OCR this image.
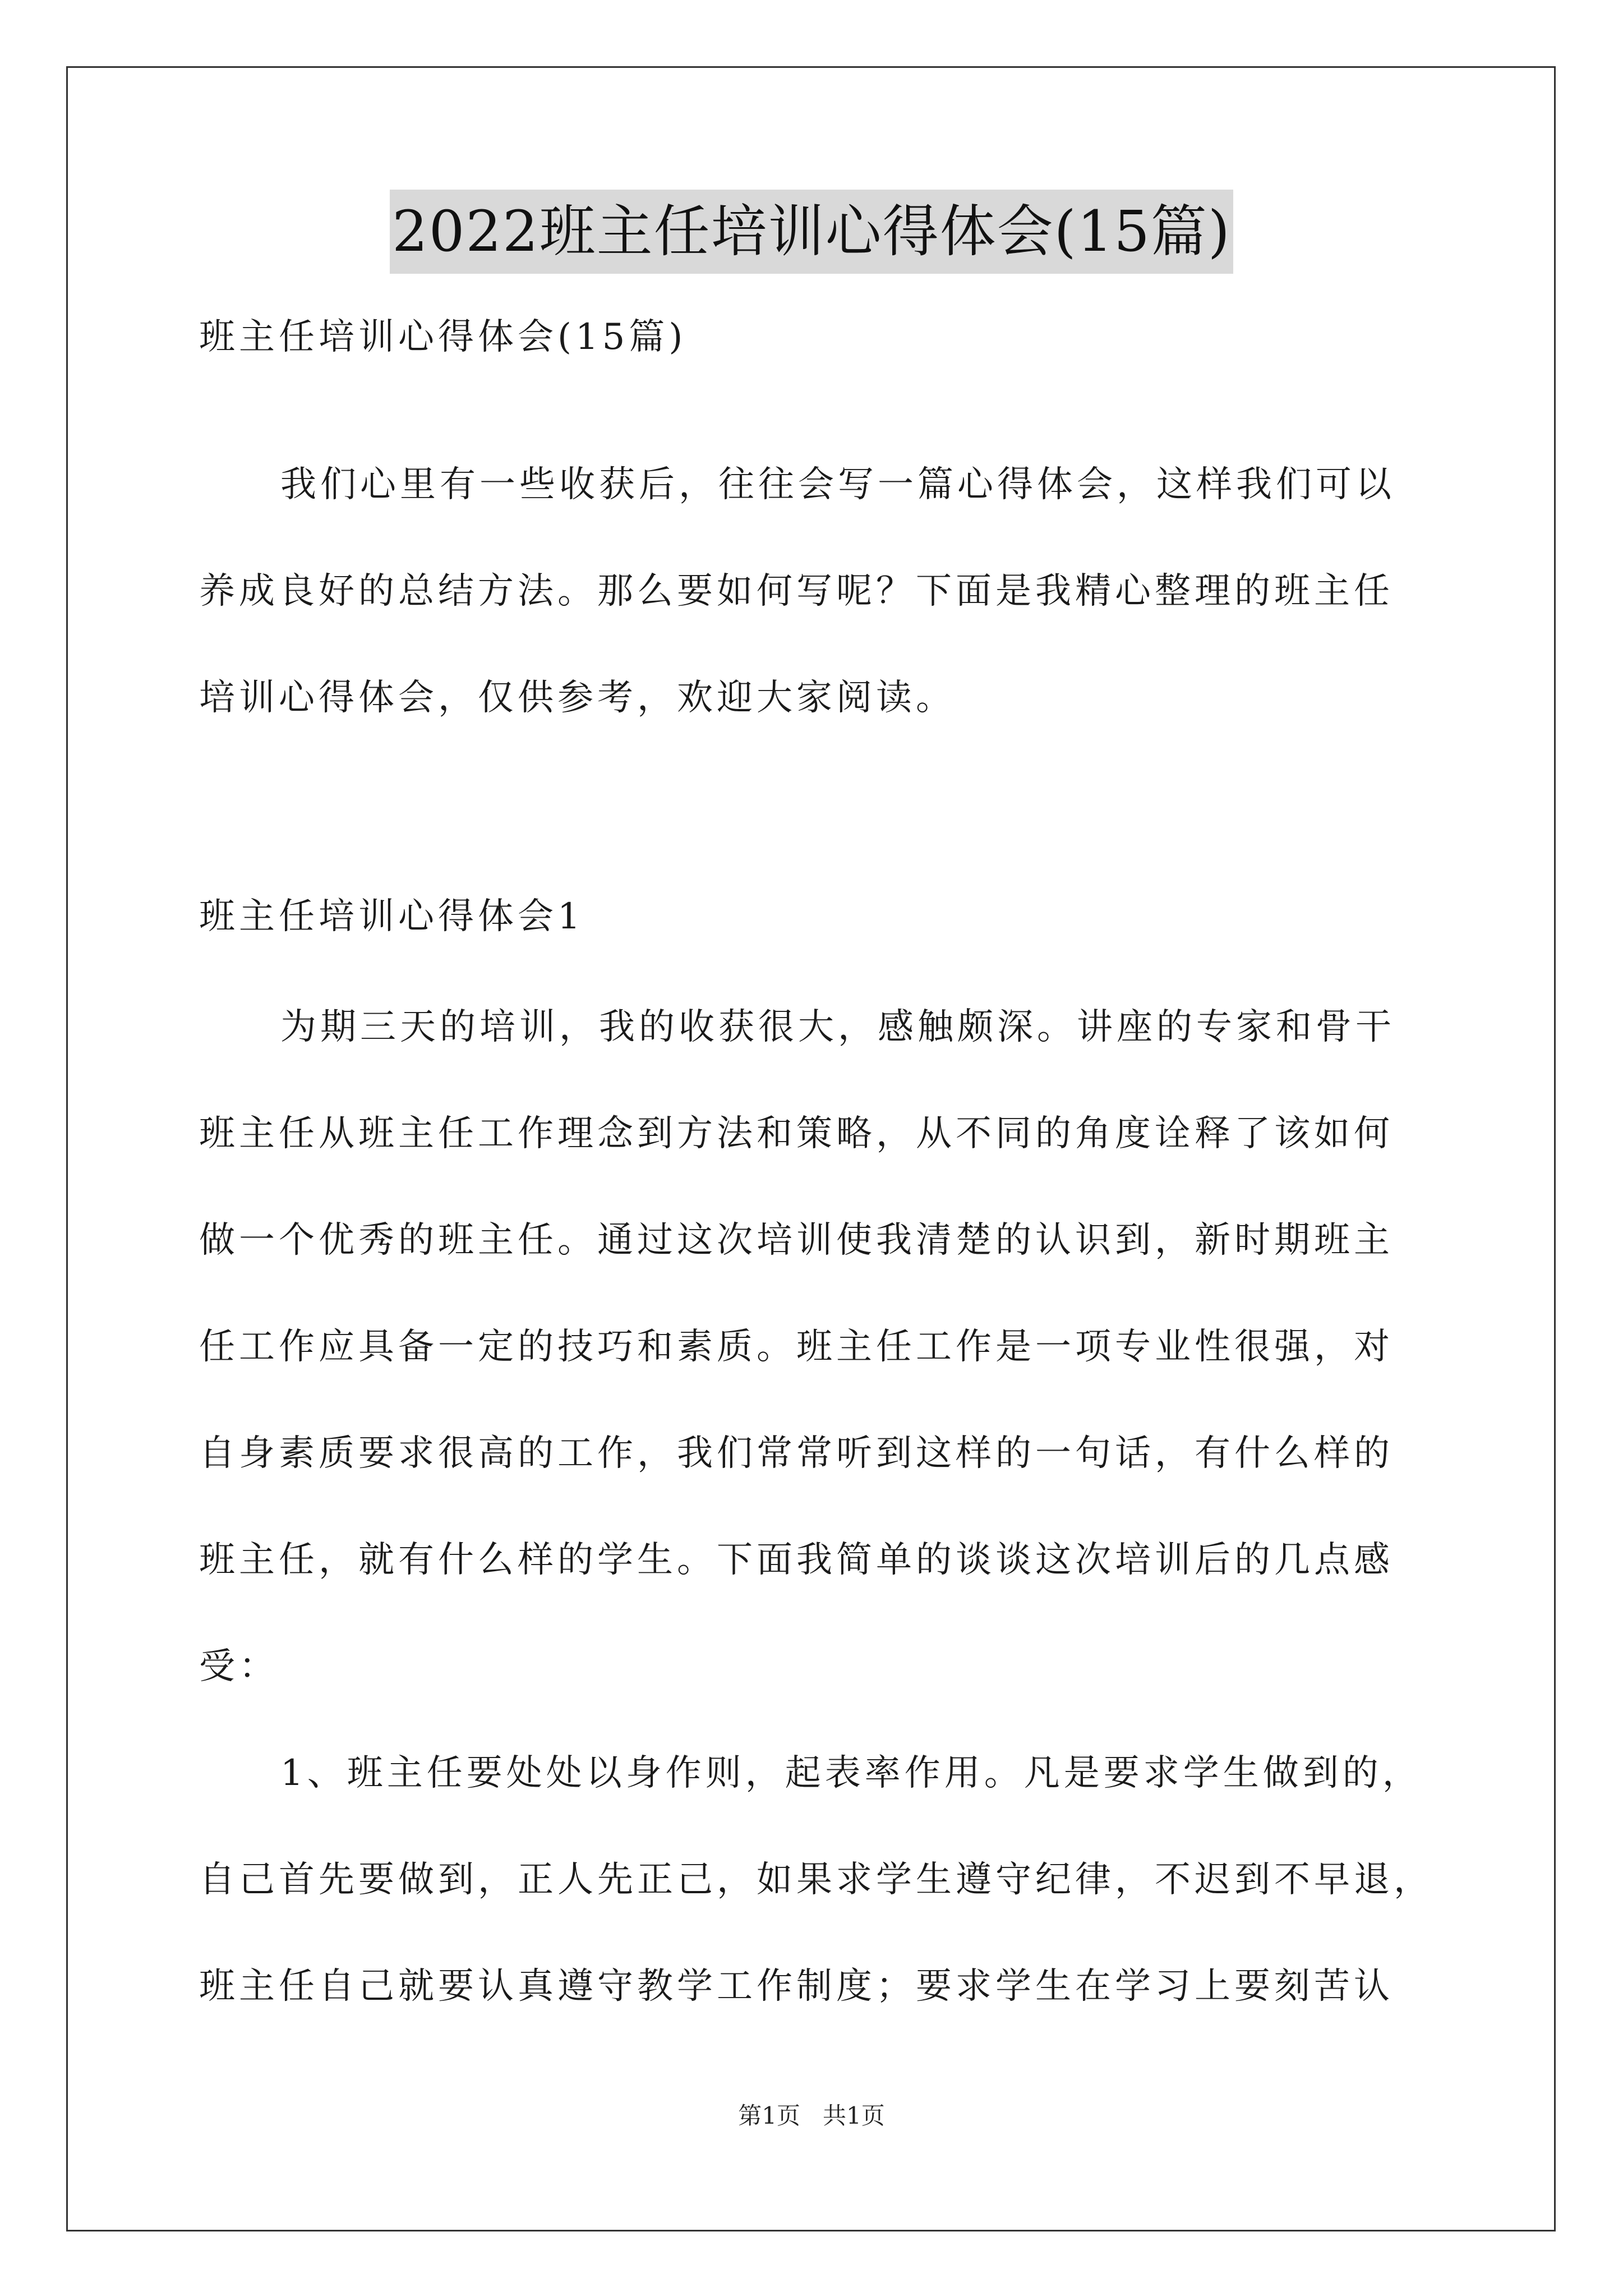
2022班主任培训心得体会(15篇)
班主任培训心得体会(15篇)
我们心里有一些收获后，往往会写一篇心得体会，这样我们可以
养成良好的总结方法。那么要如何写呢？下面是我精心整理的班主任
培训心得体会，仅供参考，欢迎大家阅读。
班主任培训心得体会1
为期三天的培训，我的收获很大，感触颇深。讲座的专家和骨干
班主任从班主任工作理念到方法和策略，从不同的角度诠释了该如何
做一个优秀的班主任。通过这次培训使我清楚的认识到，新时期班主
任工作应具备一定的技巧和素质。班主任工作是一项专业性很强，对
自身素质要求很高的工作，我们常常听到这样的一句话，有什么样的
班主任，就有什么样的学生。下面我简单的谈谈这次培训后的几点感
受：
1、班主任要处处以身作则，起表率作用。凡是要求学生做到的，
自己首先要做到，正人先正己，如果求学生遵守纪律，不迟到不早退，
班主任自己就要认真遵守教学工作制度；要求学生在学习上要刻苦认
第1页   共1页
